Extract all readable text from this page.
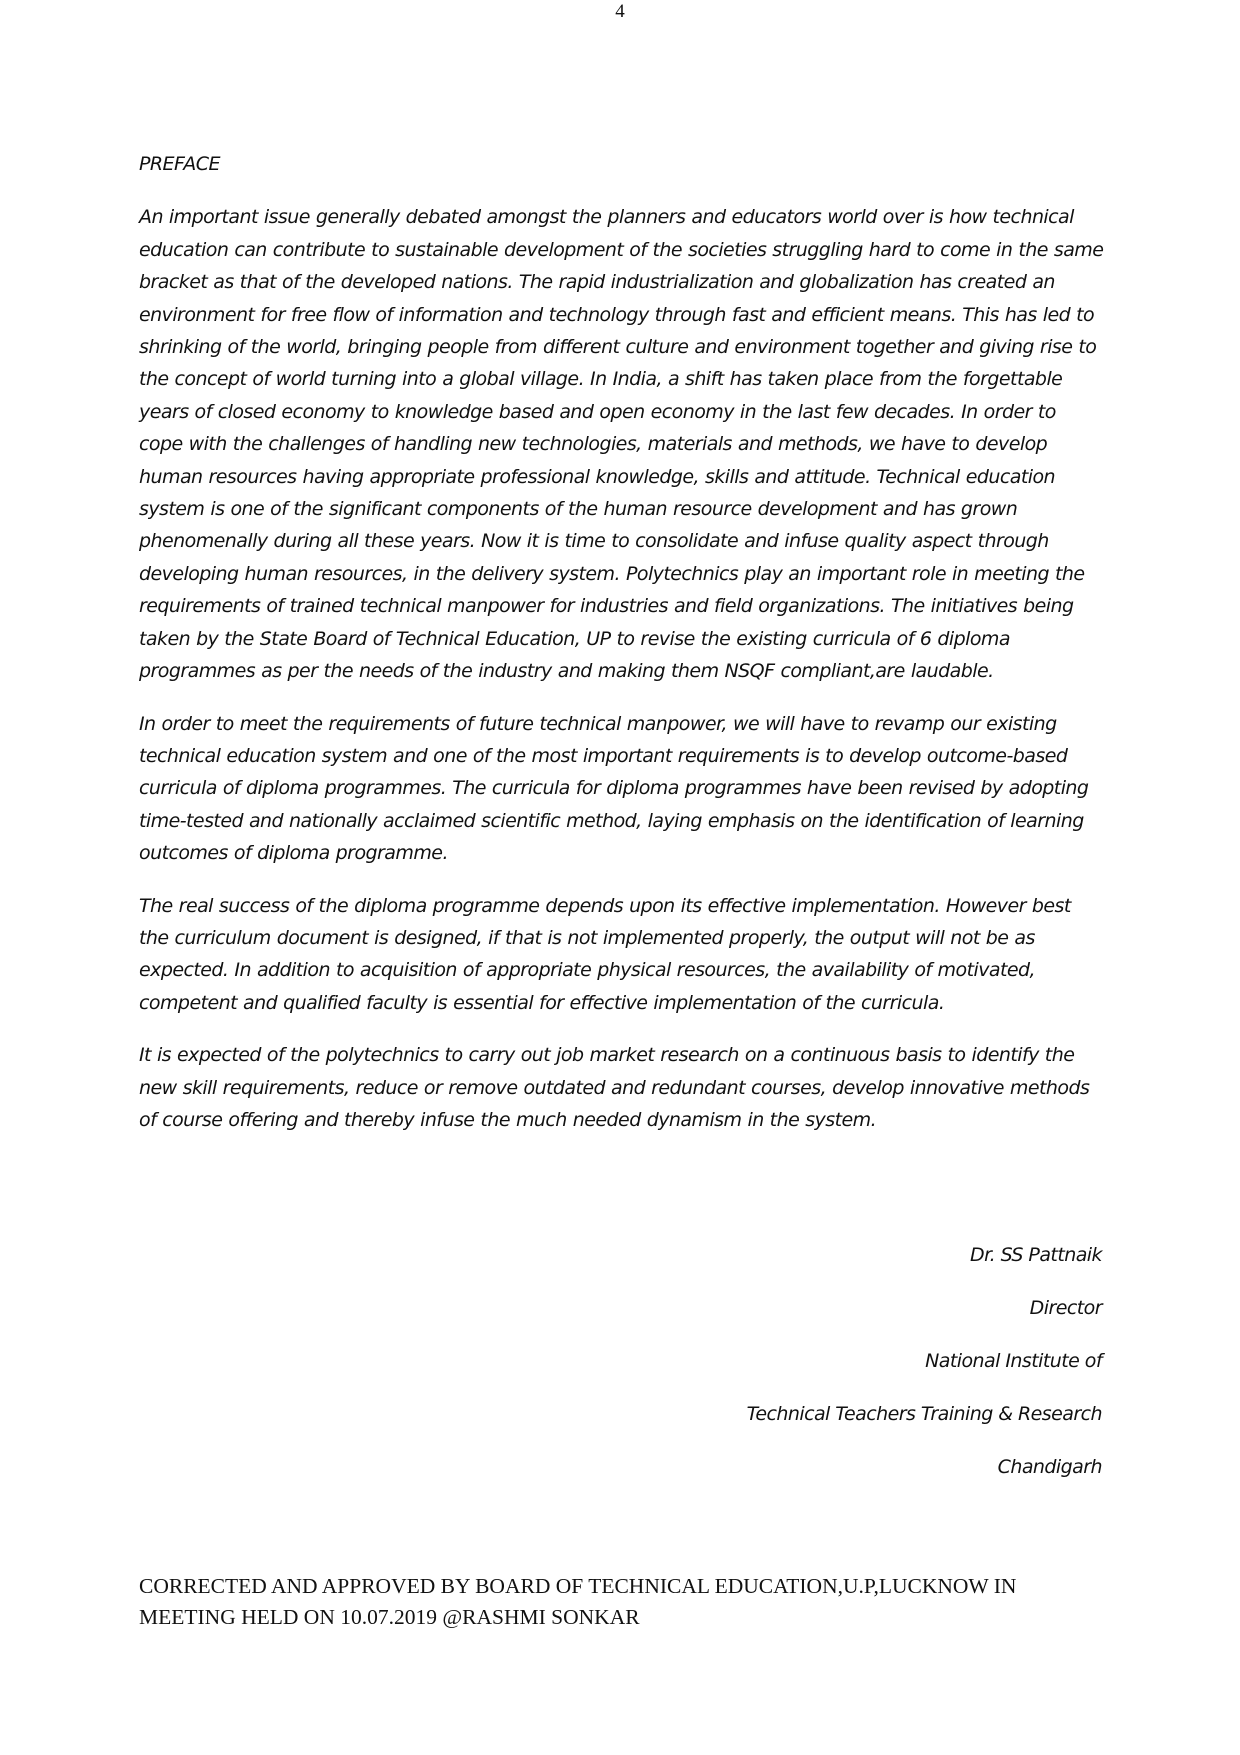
4
PREFACE

An important issue generally debated amongst the planners and educators world over is how technical education can contribute to sustainable development of the societies struggling hard to come in the same bracket as that of the developed nations. The rapid industrialization and globalization has created an environment for free flow of information and technology through fast and efficient means. This has led to shrinking of the world, bringing people from different culture and environment together and giving rise to the concept of world turning into a global village. In India, a shift has taken place from the forgettable years of closed economy to knowledge based and open economy in the last few decades. In order to cope with the challenges of handling new technologies, materials and methods, we have to develop human resources having appropriate professional knowledge, skills and attitude. Technical education system is one of the significant components of the human resource development and has grown phenomenally during all these years. Now it is time to consolidate and infuse quality aspect through developing human resources, in the delivery system. Polytechnics play an important role in meeting the requirements of trained technical manpower for industries and field organizations. The initiatives being taken by the State Board of Technical Education, UP to revise the existing curricula of 6 diploma programmes as per the needs of the industry and making them NSQF compliant,are laudable.

In order to meet the requirements of future technical manpower, we will have to revamp our existing technical education system and one of the most important requirements is to develop outcome-based curricula of diploma programmes. The curricula for diploma programmes have been revised by adopting time-tested and nationally acclaimed scientific method, laying emphasis on the identification of learning outcomes of diploma programme.

The real success of the diploma programme depends upon its effective implementation. However best the curriculum document is designed, if that is not implemented properly, the output will not be as expected. In addition to acquisition of appropriate physical resources, the availability of motivated, competent and qualified faculty is essential for effective implementation of the curricula.

It is expected of the polytechnics to carry out job market research on a continuous basis to identify the new skill requirements, reduce or remove outdated and redundant courses, develop innovative methods of course offering and thereby infuse the much needed dynamism in the system.

Dr. SS Pattnaik
Director
National Institute of
Technical Teachers Training & Research
Chandigarh
CORRECTED AND APPROVED BY BOARD OF TECHNICAL EDUCATION,U.P,LUCKNOW IN
MEETING HELD ON 10.07.2019 @RASHMI SONKAR
